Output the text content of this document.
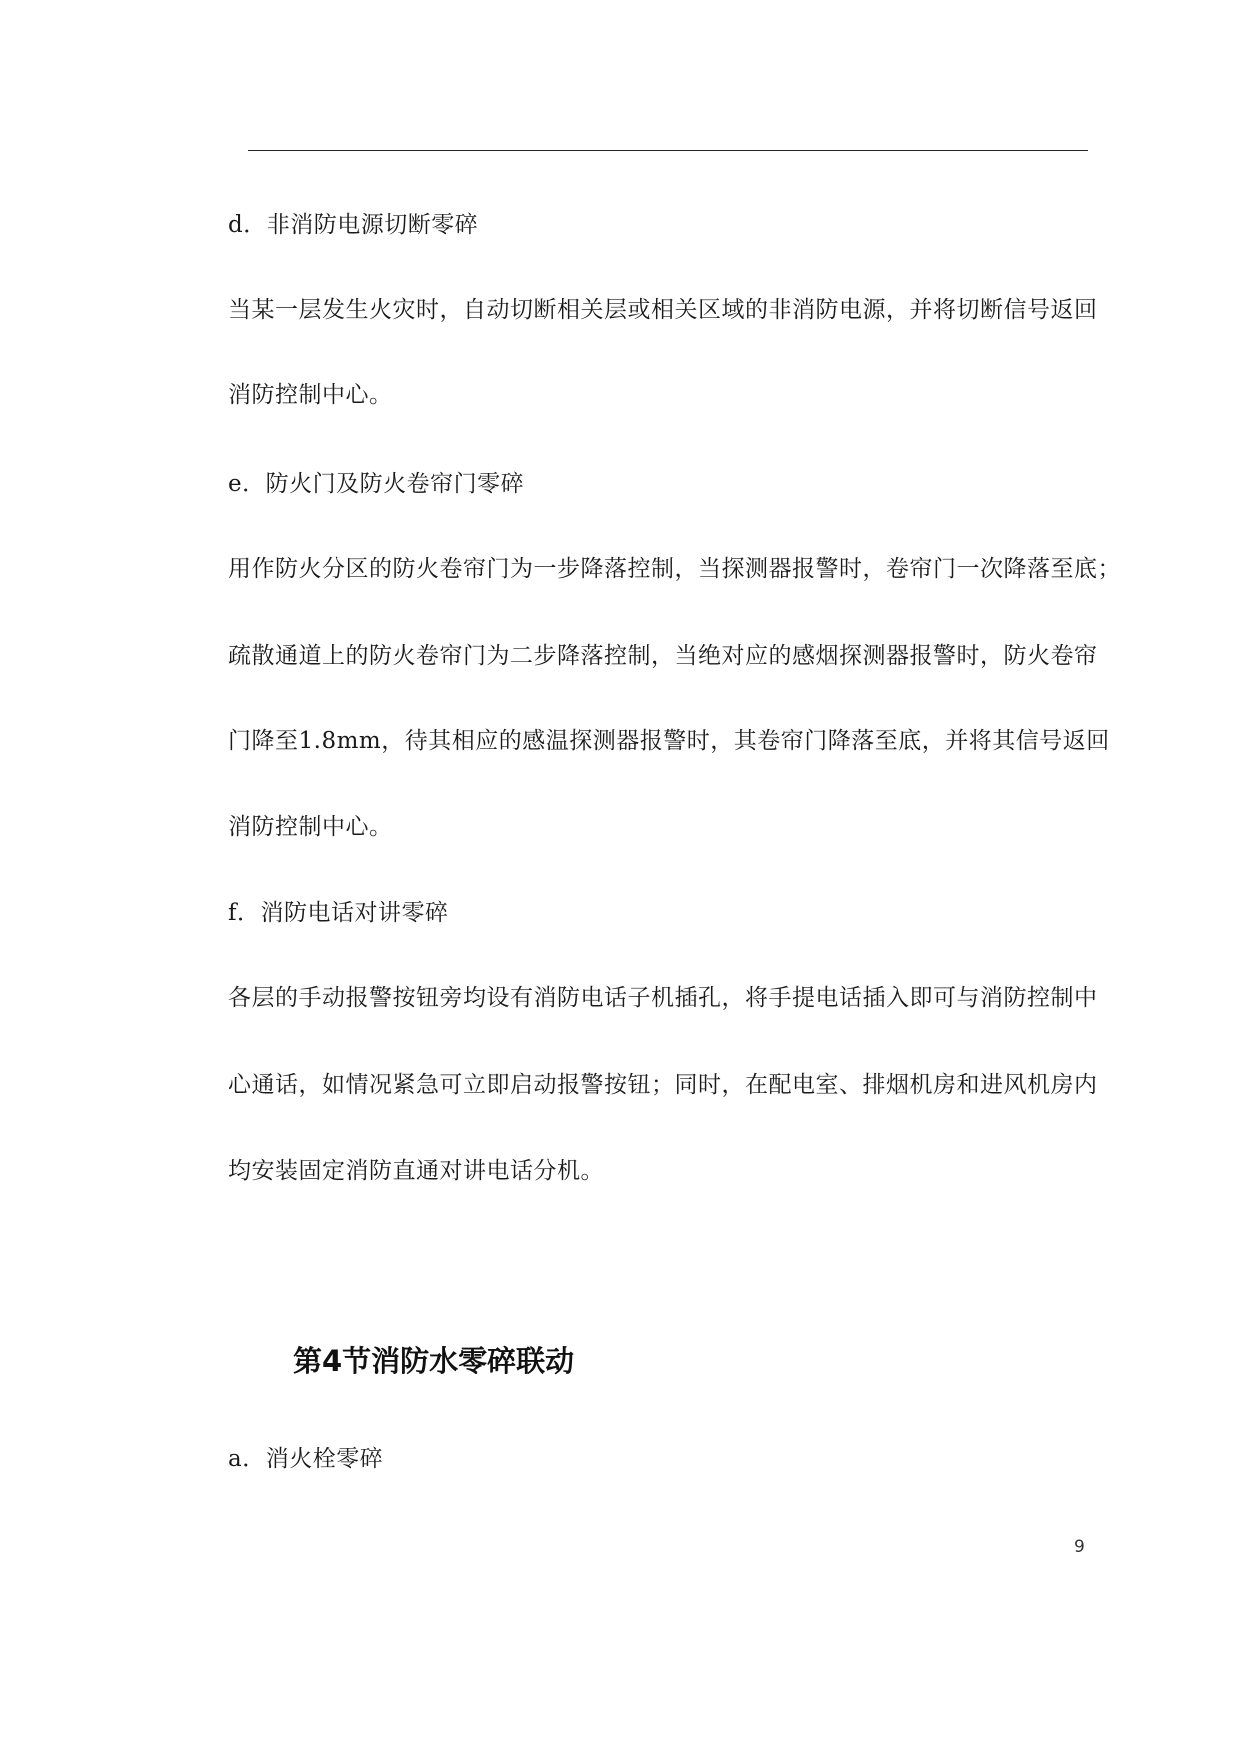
d．非消防电源切断零碎
当某一层发生火灾时，自动切断相关层或相关区域的非消防电源，并将切断信号返回
消防控制中心。
e．防火门及防火卷帘门零碎
用作防火分区的防火卷帘门为一步降落控制，当探测器报警时，卷帘门一次降落至底；
疏散通道上的防火卷帘门为二步降落控制，当绝对应的感烟探测器报警时，防火卷帘
门降至1.8mm，待其相应的感温探测器报警时，其卷帘门降落至底，并将其信号返回
消防控制中心。
f．消防电话对讲零碎
各层的手动报警按钮旁均设有消防电话子机插孔，将手提电话插入即可与消防控制中
心通话，如情况紧急可立即启动报警按钮；同时，在配电室、排烟机房和进风机房内
均安装固定消防直通对讲电话分机。
第4节消防水零碎联动
a．消火栓零碎
9
